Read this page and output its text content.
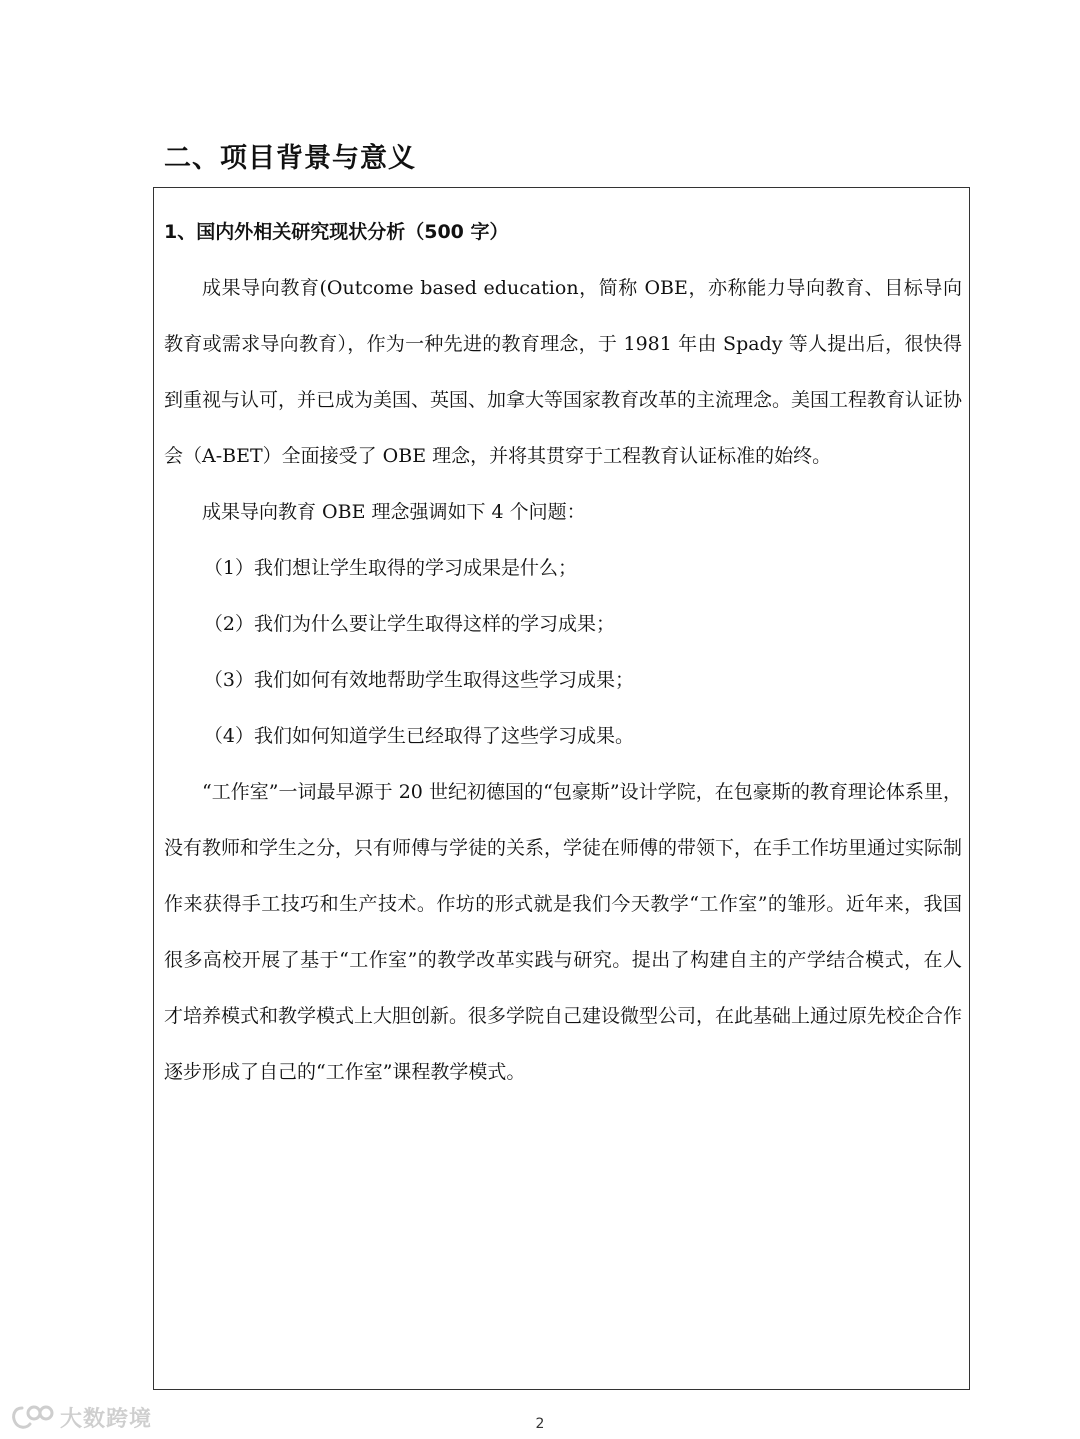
二、项目背景与意义
1、国内外相关研究现状分析（500 字）

成果导向教育(Outcome based education，简称 OBE，亦称能力导向教育、目标导向教育或需求导向教育），作为一种先进的教育理念，于 1981 年由 Spady 等人提出后，很快得到重视与认可，并已成为美国、英国、加拿大等国家教育改革的主流理念。美国工程教育认证协会（A-BET）全面接受了 OBE 理念，并将其贯穿于工程教育认证标准的始终。

成果导向教育 OBE 理念强调如下 4 个问题：

（1）我们想让学生取得的学习成果是什么；

（2）我们为什么要让学生取得这样的学习成果；

（3）我们如何有效地帮助学生取得这些学习成果；

（4）我们如何知道学生已经取得了这些学习成果。

“工作室”一词最早源于 20 世纪初德国的“包豪斯”设计学院，在包豪斯的教育理论体系里，没有教师和学生之分，只有师傅与学徒的关系，学徒在师傅的带领下，在手工作坊里通过实际制作来获得手工技巧和生产技术。作坊的形式就是我们今天教学“工作室”的雏形。近年来，我国很多高校开展了基于“工作室”的教学改革实践与研究。提出了构建自主的产学结合模式，在人才培养模式和教学模式上大胆创新。很多学院自己建设微型公司，在此基础上通过原先校企合作逐步形成了自己的“工作室”课程教学模式。

2
大数跨境
